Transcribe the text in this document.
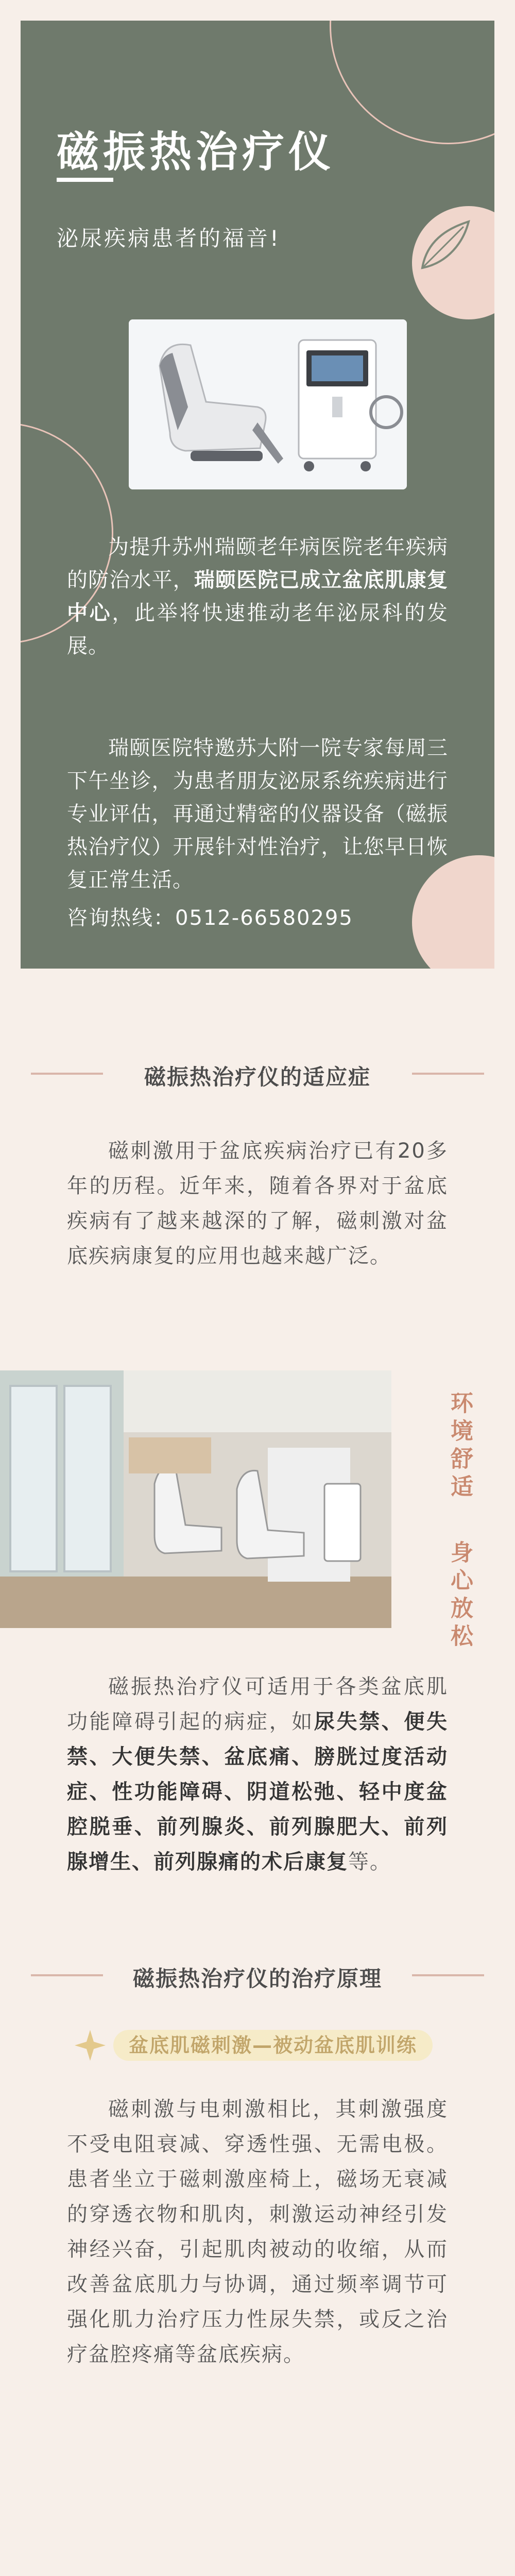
磁振热治疗仪
泌尿疾病患者的福音!

为提升苏州瑞颐老年病医院老年疾病的防治水平，瑞颐医院已成立盆底肌康复中心，此举将快速推动老年泌尿科的发展。

瑞颐医院特邀苏大附一院专家每周三下午坐诊，为患者朋友泌尿系统疾病进行专业评估，再通过精密的仪器设备（磁振热治疗仪）开展针对性治疗，让您早日恢复正常生活。

咨询热线：0512-66580295
磁振热治疗仪的适应症

磁刺激用于盆底疾病治疗已有20多年的历程。近年来，随着各界对于盆底疾病有了越来越深的了解，磁刺激对盆底疾病康复的应用也越来越广泛。

环境舒适
身心放松

磁振热治疗仪可适用于各类盆底肌功能障碍引起的病症，如尿失禁、便失禁、大便失禁、盆底痛、膀胱过度活动症、性功能障碍、阴道松弛、轻中度盆腔脱垂、前列腺炎、前列腺肥大、前列腺增生、前列腺痛的术后康复等。

磁振热治疗仪的治疗原理
盆底肌磁刺激—被动盆底肌训练

磁刺激与电刺激相比，其刺激强度不受电阻衰减、穿透性强、无需电极。患者坐立于磁刺激座椅上，磁场无衰减的穿透衣物和肌肉，刺激运动神经引发神经兴奋，引起肌肉被动的收缩，从而改善盆底肌力与协调，通过频率调节可强化肌力治疗压力性尿失禁，或反之治疗盆腔疼痛等盆底疾病。
